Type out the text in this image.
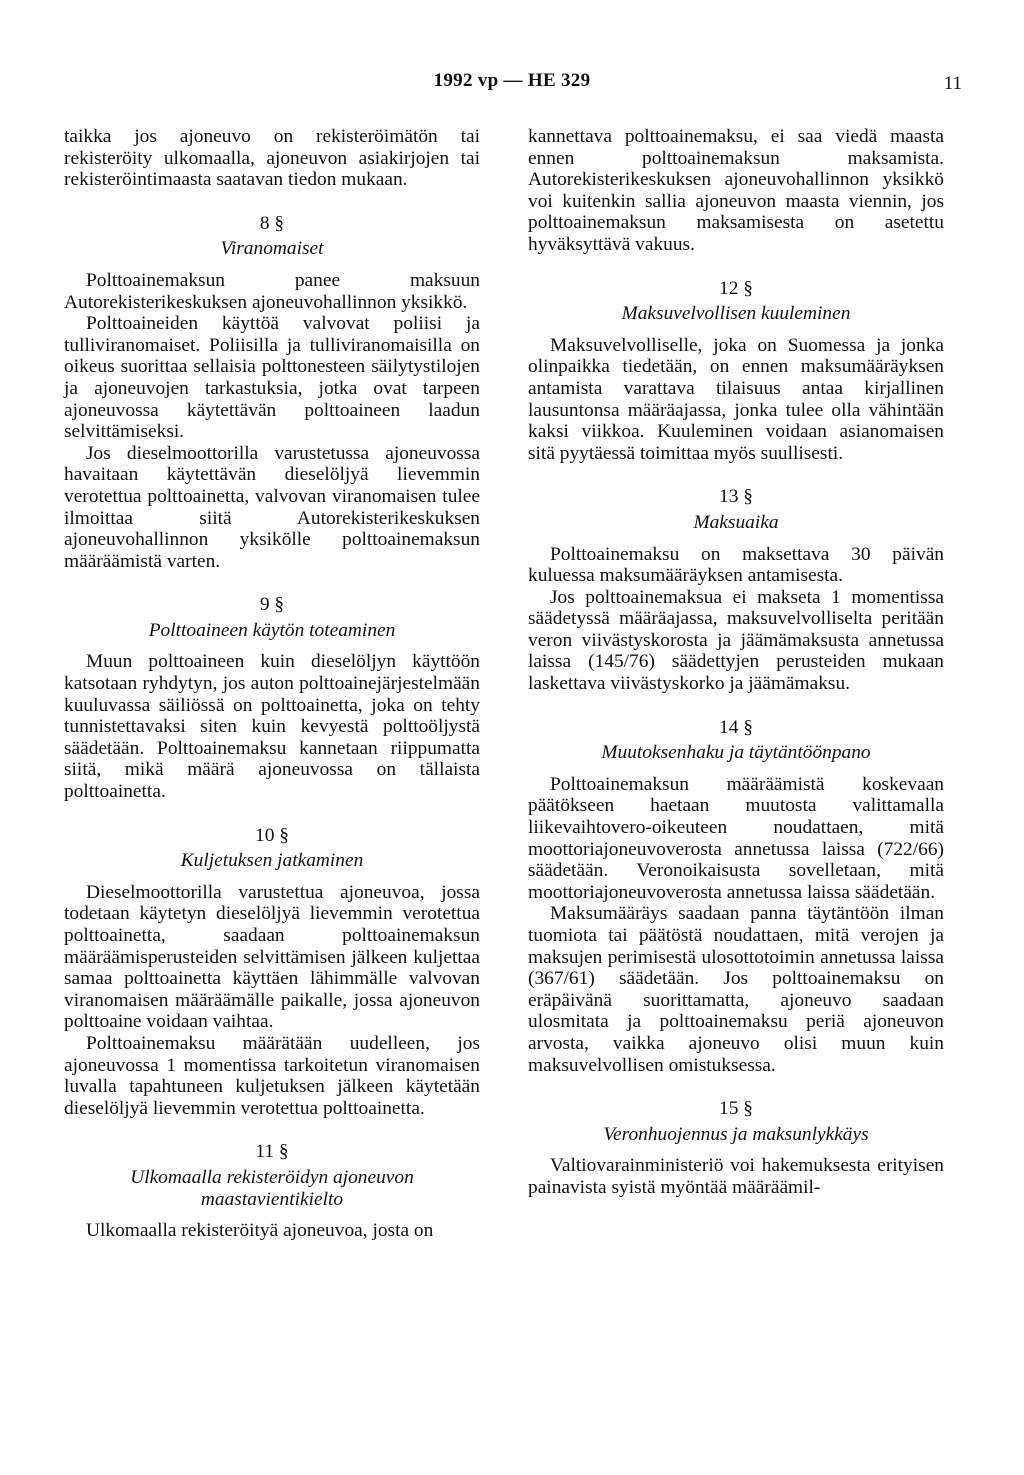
1992 vp — HE 329	11

taikka jos ajoneuvo on rekisteröimätön tai rekisteröity ulkomaalla, ajoneuvon asiakirjojen tai rekisteröintimaasta saatavan tiedon mukaan.

8 §
Viranomaiset

Polttoainemaksun panee maksuun Autorekisterikeskuksen ajoneuvohallinnon yksikkö.

Polttoaineiden käyttöä valvovat poliisi ja tulliviranomaiset. Poliisilla ja tulliviranomaisilla on oikeus suorittaa sellaisia polttonesteen säilytystilojen ja ajoneuvojen tarkastuksia, jotka ovat tarpeen ajoneuvossa käytettävän polttoaineen laadun selvittämiseksi.

Jos dieselmoottorilla varustetussa ajoneuvossa havaitaan käytettävän dieselöljyä lievemmin verotettua polttoainetta, valvovan viranomaisen tulee ilmoittaa siitä Autorekisterikeskuksen ajoneuvohallinnon yksikölle polttoainemaksun määräämistä varten.

9 §
Polttoaineen käytön toteaminen

Muun polttoaineen kuin dieselöljyn käyttöön katsotaan ryhdytyn, jos auton polttoainejärjestelmään kuuluvassa säiliössä on polttoainetta, joka on tehty tunnistettavaksi siten kuin kevyestä polttoöljystä säädetään. Polttoainemaksu kannetaan riippumatta siitä, mikä määrä ajoneuvossa on tällaista polttoainetta.

10 §
Kuljetuksen jatkaminen

Dieselmoottorilla varustettua ajoneuvoa, jossa todetaan käytetyn dieselöljyä lievemmin verotettua polttoainetta, saadaan polttoainemaksun määräämisperusteiden selvittämisen jälkeen kuljettaa samaa polttoainetta käyttäen lähimmälle valvovan viranomaisen määräämälle paikalle, jossa ajoneuvon polttoaine voidaan vaihtaa.

Polttoainemaksu määrätään uudelleen, jos ajoneuvossa 1 momentissa tarkoitetun viranomaisen luvalla tapahtuneen kuljetuksen jälkeen käytetään dieselöljyä lievemmin verotettua polttoainetta.

11 §
Ulkomaalla rekisteröidyn ajoneuvon maastavientikielto

Ulkomaalla rekisteröityä ajoneuvoa, josta on

kannettava polttoainemaksu, ei saa viedä maasta ennen polttoainemaksun maksamista. Autorekisterikeskuksen ajoneuvohallinnon yksikkö voi kuitenkin sallia ajoneuvon maasta viennin, jos polttoainemaksun maksamisesta on asetettu hyväksyttävä vakuus.

12 §
Maksuvelvollisen kuuleminen

Maksuvelvolliselle, joka on Suomessa ja jonka olinpaikka tiedetään, on ennen maksumääräyksen antamista varattava tilaisuus antaa kirjallinen lausuntonsa määräajassa, jonka tulee olla vähintään kaksi viikkoa. Kuuleminen voidaan asianomaisen sitä pyytäessä toimittaa myös suullisesti.

13 §
Maksuaika

Polttoainemaksu on maksettava 30 päivän kuluessa maksumääräyksen antamisesta.

Jos polttoainemaksua ei makseta 1 momentissa säädetyssä määräajassa, maksuvelvolliselta peritään veron viivästyskorosta ja jäämämaksusta annetussa laissa (145/76) säädettyjen perusteiden mukaan laskettava viivästyskorko ja jäämämaksu.

14 §
Muutoksenhaku ja täytäntöönpano

Polttoainemaksun määräämistä koskevaan päätökseen haetaan muutosta valittamalla liikevaihtovero-oikeuteen noudattaen, mitä moottoriajoneuvoverosta annetussa laissa (722/66) säädetään. Veronoikaisusta sovelletaan, mitä moottoriajoneuvoverosta annetussa laissa säädetään.

Maksumääräys saadaan panna täytäntöön ilman tuomiota tai päätöstä noudattaen, mitä verojen ja maksujen perimisestä ulosottotoimin annetussa laissa (367/61) säädetään. Jos polttoainemaksu on eräpäivänä suorittamatta, ajoneuvo saadaan ulosmitata ja polttoainemaksu periä ajoneuvon arvosta, vaikka ajoneuvo olisi muun kuin maksuvelvollisen omistuksessa.

15 §
Veronhuojennus ja maksunlykkäys

Valtiovarainministeriö voi hakemuksesta erityisen painavista syistä myöntää määräämil-
